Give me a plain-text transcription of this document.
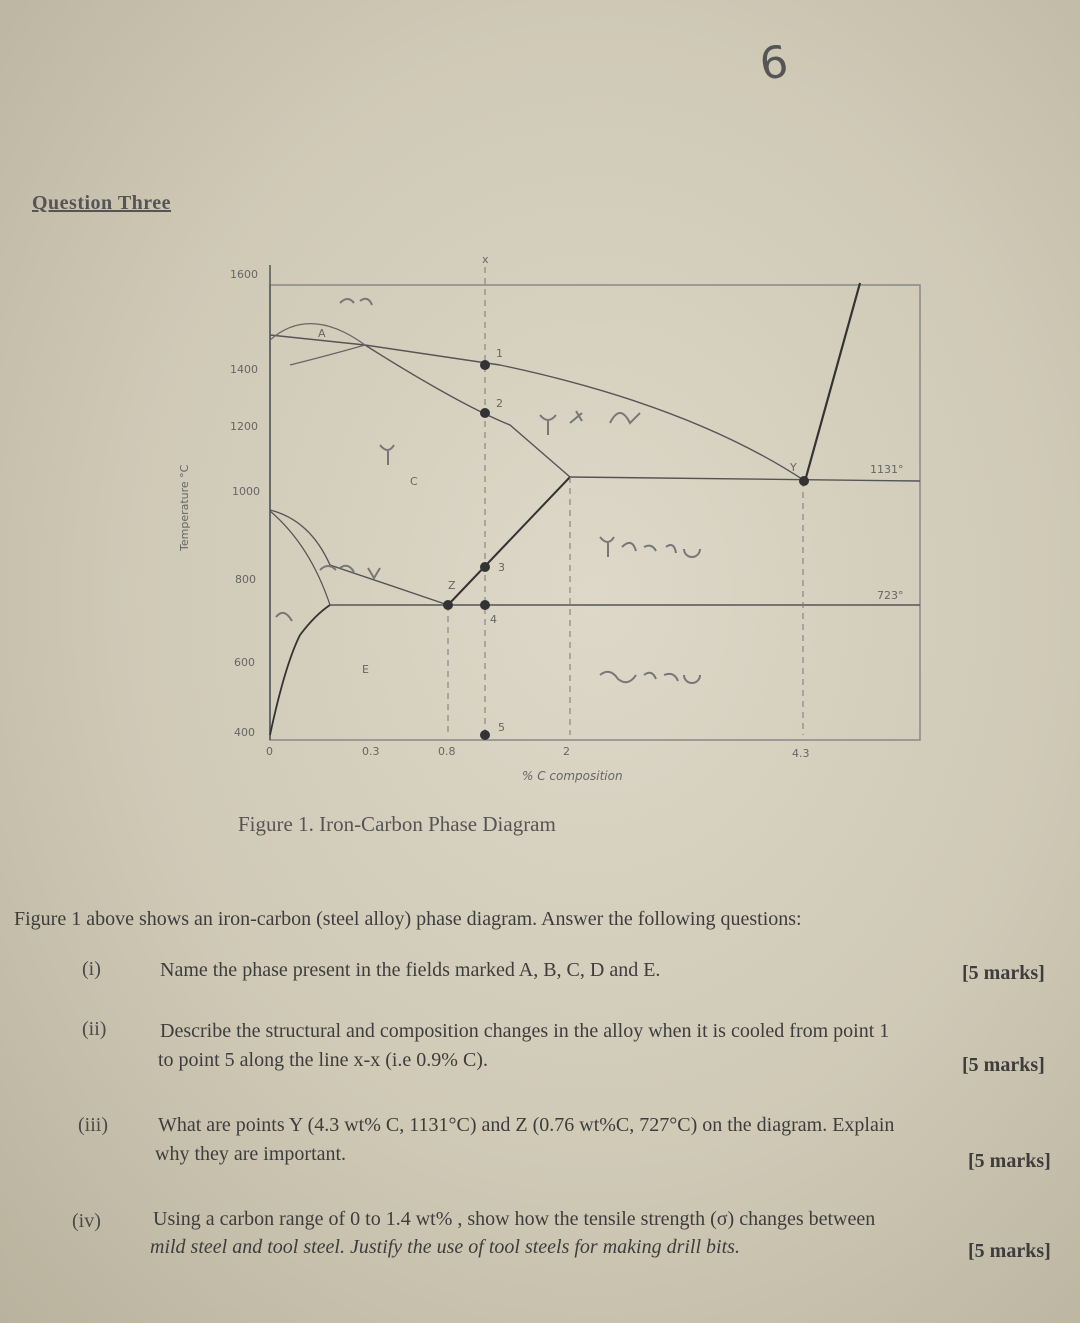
6
Question Three
Temperature °C
1600
1400
1200
1000
800
600
400
0	0.3	0.8	2	4.3
% C composition
1
2
3
4
5
x
A
C
E
Y
Z
1131°
723°
Figure 1. Iron-Carbon Phase Diagram
Figure 1 above shows an iron-carbon (steel alloy) phase diagram. Answer the following questions:
(i)	Name the phase present in the fields marked A, B, C, D and E.	[5 marks]
(ii)	Describe the structural and composition changes in the alloy when it is cooled from point 1
to point 5 along the line x-x (i.e 0.9% C).	[5 marks]
(iii)	What are points Y (4.3 wt% C, 1131°C) and Z (0.76 wt%C, 727°C) on the diagram. Explain
why they are important.	[5 marks]
(iv)	Using a carbon range of 0 to 1.4 wt% , show how the tensile strength (σ) changes between
mild steel and tool steel. Justify the use of tool steels for making drill bits.	[5 marks]
